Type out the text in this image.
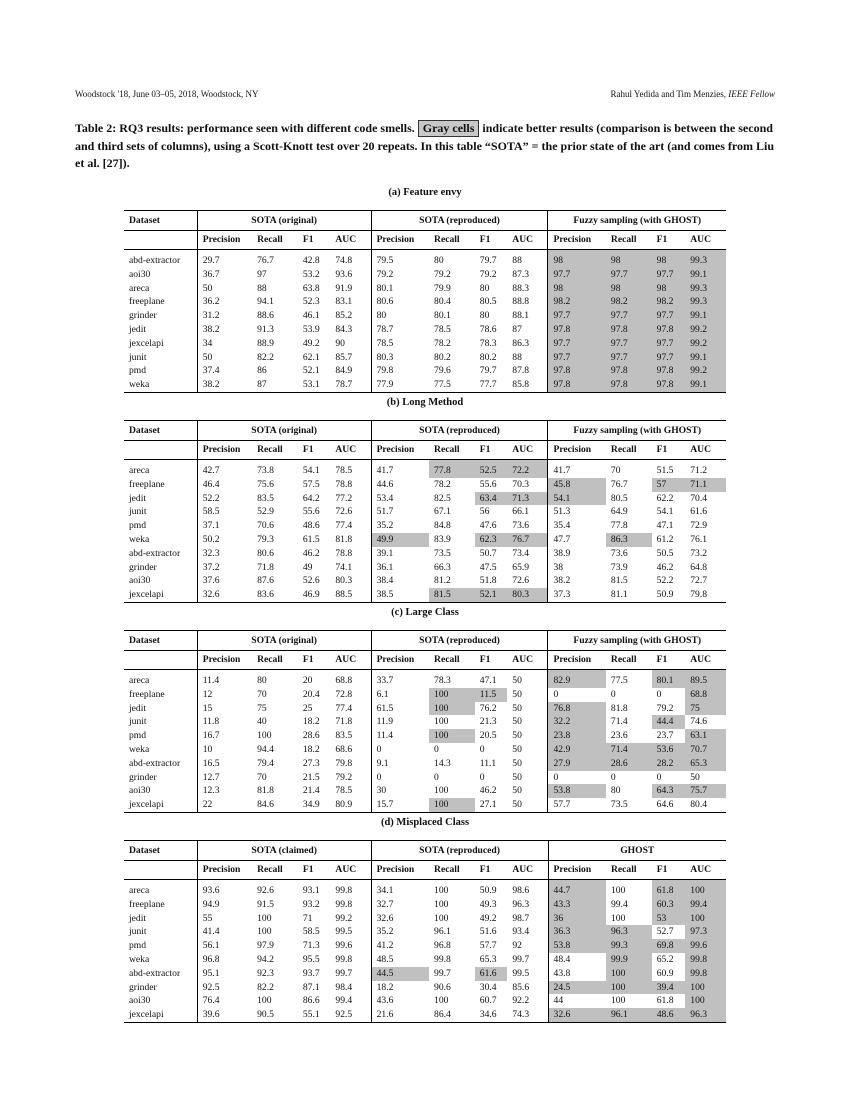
Woodstock '18, June 03–05, 2018, Woodstock, NY	Rahul Yedida and Tim Menzies, IEEE Fellow
Table 2: RQ3 results: performance seen with different code smells. Gray cells indicate better results (comparison is between the second and third sets of columns), using a Scott-Knott test over 20 repeats. In this table “SOTA” = the prior state of the art (and comes from Liu et al. [27]).
(a) Feature envy
Dataset	SOTA (original)				SOTA (reproduced)				Fuzzy sampling (with GHOST)			
	Precision	Recall	F1	AUC	Precision	Recall	F1	AUC	Precision	Recall	F1	AUC
abd-extractor	29.7	76.7	42.8	74.8	79.5	80	79.7	88	98	98	98	99.3
aoi30	36.7	97	53.2	93.6	79.2	79.2	79.2	87.3	97.7	97.7	97.7	99.1
areca	50	88	63.8	91.9	80.1	79.9	80	88.3	98	98	98	99.3
freeplane	36.2	94.1	52.3	83.1	80.6	80.4	80.5	88.8	98.2	98.2	98.2	99.3
grinder	31.2	88.6	46.1	85.2	80	80.1	80	88.1	97.7	97.7	97.7	99.1
jedit	38.2	91.3	53.9	84.3	78.7	78.5	78.6	87	97.8	97.8	97.8	99.2
jexcelapi	34	88.9	49.2	90	78.5	78.2	78.3	86.3	97.7	97.7	97.7	99.2
junit	50	82.2	62.1	85.7	80.3	80.2	80.2	88	97.7	97.7	97.7	99.1
pmd	37.4	86	52.1	84.9	79.8	79.6	79.7	87.8	97.8	97.8	97.8	99.2
weka	38.2	87	53.1	78.7	77.9	77.5	77.7	85.8	97.8	97.8	97.8	99.1
(b) Long Method
Dataset	SOTA (original)				SOTA (reproduced)				Fuzzy sampling (with GHOST)			
	Precision	Recall	F1	AUC	Precision	Recall	F1	AUC	Precision	Recall	F1	AUC
areca	42.7	73.8	54.1	78.5	41.7	77.8	52.5	72.2	41.7	70	51.5	71.2
freeplane	46.4	75.6	57.5	78.8	44.6	78.2	55.6	70.3	45.8	76.7	57	71.1
jedit	52.2	83.5	64.2	77.2	53.4	82.5	63.4	71.3	54.1	80.5	62.2	70.4
junit	58.5	52.9	55.6	72.6	51.7	67.1	56	66.1	51.3	64.9	54.1	61.6
pmd	37.1	70.6	48.6	77.4	35.2	84.8	47.6	73.6	35.4	77.8	47.1	72.9
weka	50.2	79.3	61.5	81.8	49.9	83.9	62.3	76.7	47.7	86.3	61.2	76.1
abd-extractor	32.3	80.6	46.2	78.8	39.1	73.5	50.7	73.4	38.9	73.6	50.5	73.2
grinder	37.2	71.8	49	74.1	36.1	66.3	47.5	65.9	38	73.9	46.2	64.8
aoi30	37.6	87.6	52.6	80.3	38.4	81.2	51.8	72.6	38.2	81.5	52.2	72.7
jexcelapi	32.6	83.6	46.9	88.5	38.5	81.5	52.1	80.3	37.3	81.1	50.9	79.8
(c) Large Class
Dataset	SOTA (original)				SOTA (reproduced)				Fuzzy sampling (with GHOST)			
	Precision	Recall	F1	AUC	Precision	Recall	F1	AUC	Precision	Recall	F1	AUC
areca	11.4	80	20	68.8	33.7	78.3	47.1	50	82.9	77.5	80.1	89.5
freeplane	12	70	20.4	72.8	6.1	100	11.5	50	0	0	0	68.8
jedit	15	75	25	77.4	61.5	100	76.2	50	76.8	81.8	79.2	75
junit	11.8	40	18.2	71.8	11.9	100	21.3	50	32.2	71.4	44.4	74.6
pmd	16.7	100	28.6	83.5	11.4	100	20.5	50	23.8	23.6	23.7	63.1
weka	10	94.4	18.2	68.6	0	0	0	50	42.9	71.4	53.6	70.7
abd-extractor	16.5	79.4	27.3	79.8	9.1	14.3	11.1	50	27.9	28.6	28.2	65.3
grinder	12.7	70	21.5	79.2	0	0	0	50	0	0	0	50
aoi30	12.3	81.8	21.4	78.5	30	100	46.2	50	53.8	80	64.3	75.7
jexcelapi	22	84.6	34.9	80.9	15.7	100	27.1	50	57.7	73.5	64.6	80.4
(d) Misplaced Class
Dataset	SOTA (claimed)				SOTA (reproduced)				GHOST			
	Precision	Recall	F1	AUC	Precision	Recall	F1	AUC	Precision	Recall	F1	AUC
areca	93.6	92.6	93.1	99.8	34.1	100	50.9	98.6	44.7	100	61.8	100
freeplane	94.9	91.5	93.2	99.8	32.7	100	49.3	96.3	43.3	99.4	60.3	99.4
jedit	55	100	71	99.2	32.6	100	49.2	98.7	36	100	53	100
junit	41.4	100	58.5	99.5	35.2	96.1	51.6	93.4	36.3	96.3	52.7	97.3
pmd	56.1	97.9	71.3	99.6	41.2	96.8	57.7	92	53.8	99.3	69.8	99.6
weka	96.8	94.2	95.5	99.8	48.5	99.8	65.3	99.7	48.4	99.9	65.2	99.8
abd-extractor	95.1	92.3	93.7	99.7	44.5	99.7	61.6	99.5	43.8	100	60.9	99.8
grinder	92.5	82.2	87.1	98.4	18.2	90.6	30.4	85.6	24.5	100	39.4	100
aoi30	76.4	100	86.6	99.4	43.6	100	60.7	92.2	44	100	61.8	100
jexcelapi	39.6	90.5	55.1	92.5	21.6	86.4	34.6	74.3	32.6	96.1	48.6	96.3
